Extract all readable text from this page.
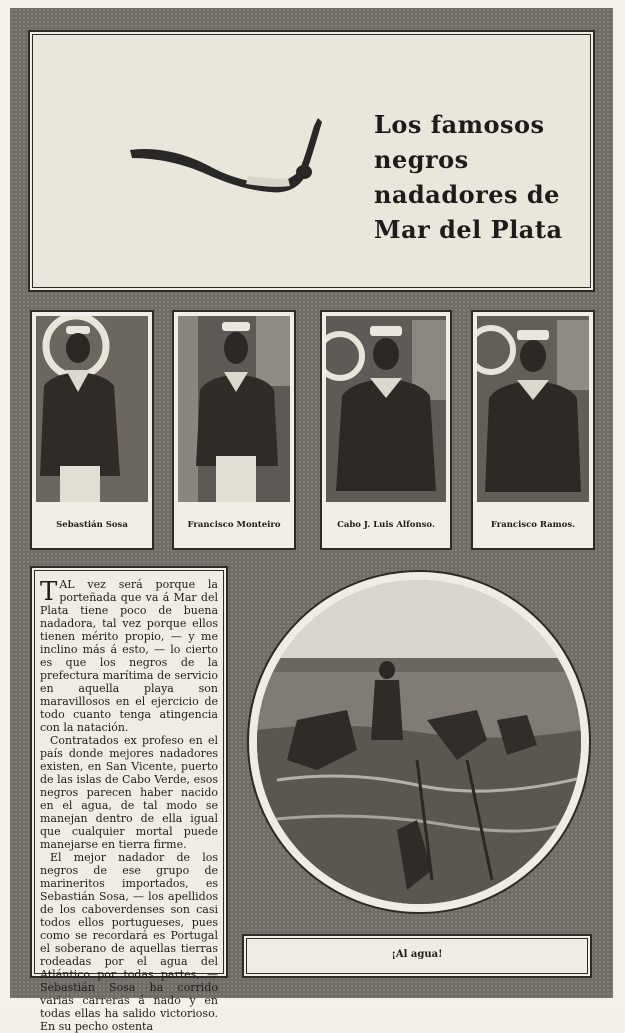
Los famosos negros nadadores de Mar del Plata
Sebastián Sosa	Francisco Monteiro	Cabo J. Luis Alfonso.	Francisco Ramos.

TAL vez será porque la porteñada que va á Mar del Plata tiene poco de buena nadadora, tal vez porque ellos tienen mérito propio, — y me inclino más á esto, — lo cierto es que los negros de la prefectura marítima de servicio en aquella playa son maravillosos en el ejercicio de todo cuanto tenga atingencia con la natación.

Contratados ex profeso en el país donde mejores nadadores existen, en San Vicente, puerto de las islas de Cabo Verde, esos negros parecen haber nacido en el agua, de tal modo se manejan dentro de ella igual que cualquier mortal puede manejarse en tierra firme.

El mejor nadador de los negros de ese grupo de marineritos importados, es Sebastián Sosa, — los apellidos de los caboverdenses son casi todos ellos portugueses, pues como se recordará es Portugal el soberano de aquellas tierras rodeadas por el agua del Atlántico por todas partes, — Sebastián Sosa ha corrido varias carreras á nado y en todas ellas ha salido victorioso. En su pecho ostenta

¡Al agua!
